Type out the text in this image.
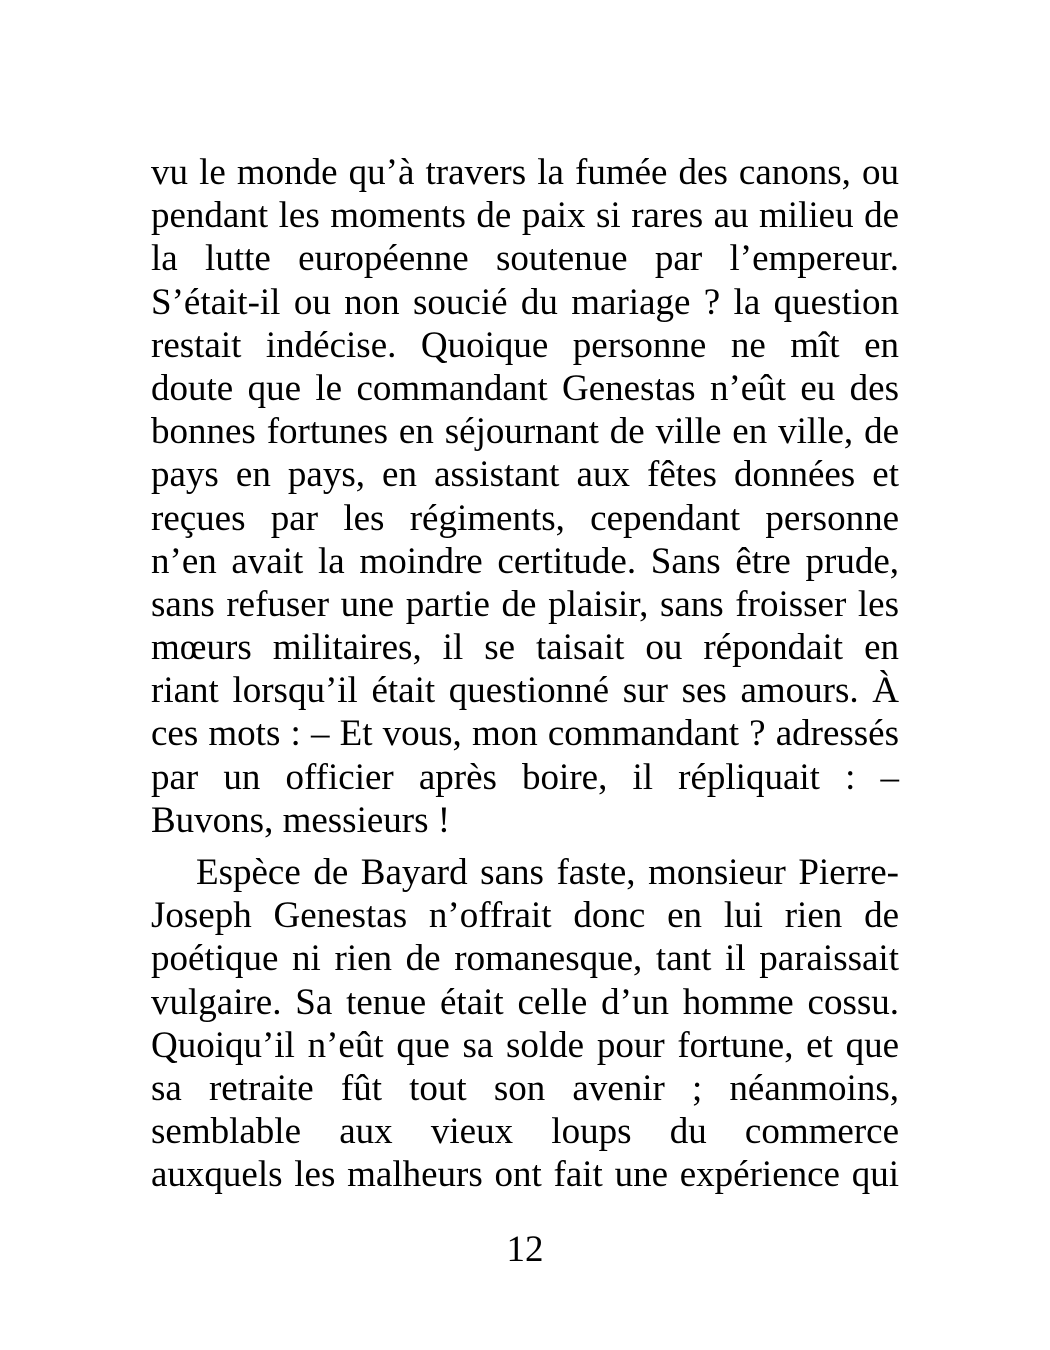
vu le monde qu’à travers la fumée des canons, ou
pendant les moments de paix si rares au milieu de
la lutte européenne soutenue par l’empereur.
S’était-il ou non soucié du mariage ? la question
restait indécise. Quoique personne ne mît en
doute que le commandant Genestas n’eût eu des
bonnes fortunes en séjournant de ville en ville, de
pays en pays, en assistant aux fêtes données et
reçues par les régiments, cependant personne
n’en avait la moindre certitude. Sans être prude,
sans refuser une partie de plaisir, sans froisser les
mœurs militaires, il se taisait ou répondait en
riant lorsqu’il était questionné sur ses amours. À
ces mots : – Et vous, mon commandant ? adressés
par un officier après boire, il répliquait : –
Buvons, messieurs !
Espèce de Bayard sans faste, monsieur Pierre-
Joseph Genestas n’offrait donc en lui rien de
poétique ni rien de romanesque, tant il paraissait
vulgaire. Sa tenue était celle d’un homme cossu.
Quoiqu’il n’eût que sa solde pour fortune, et que
sa retraite fût tout son avenir ; néanmoins,
semblable aux vieux loups du commerce
auxquels les malheurs ont fait une expérience qui
12
